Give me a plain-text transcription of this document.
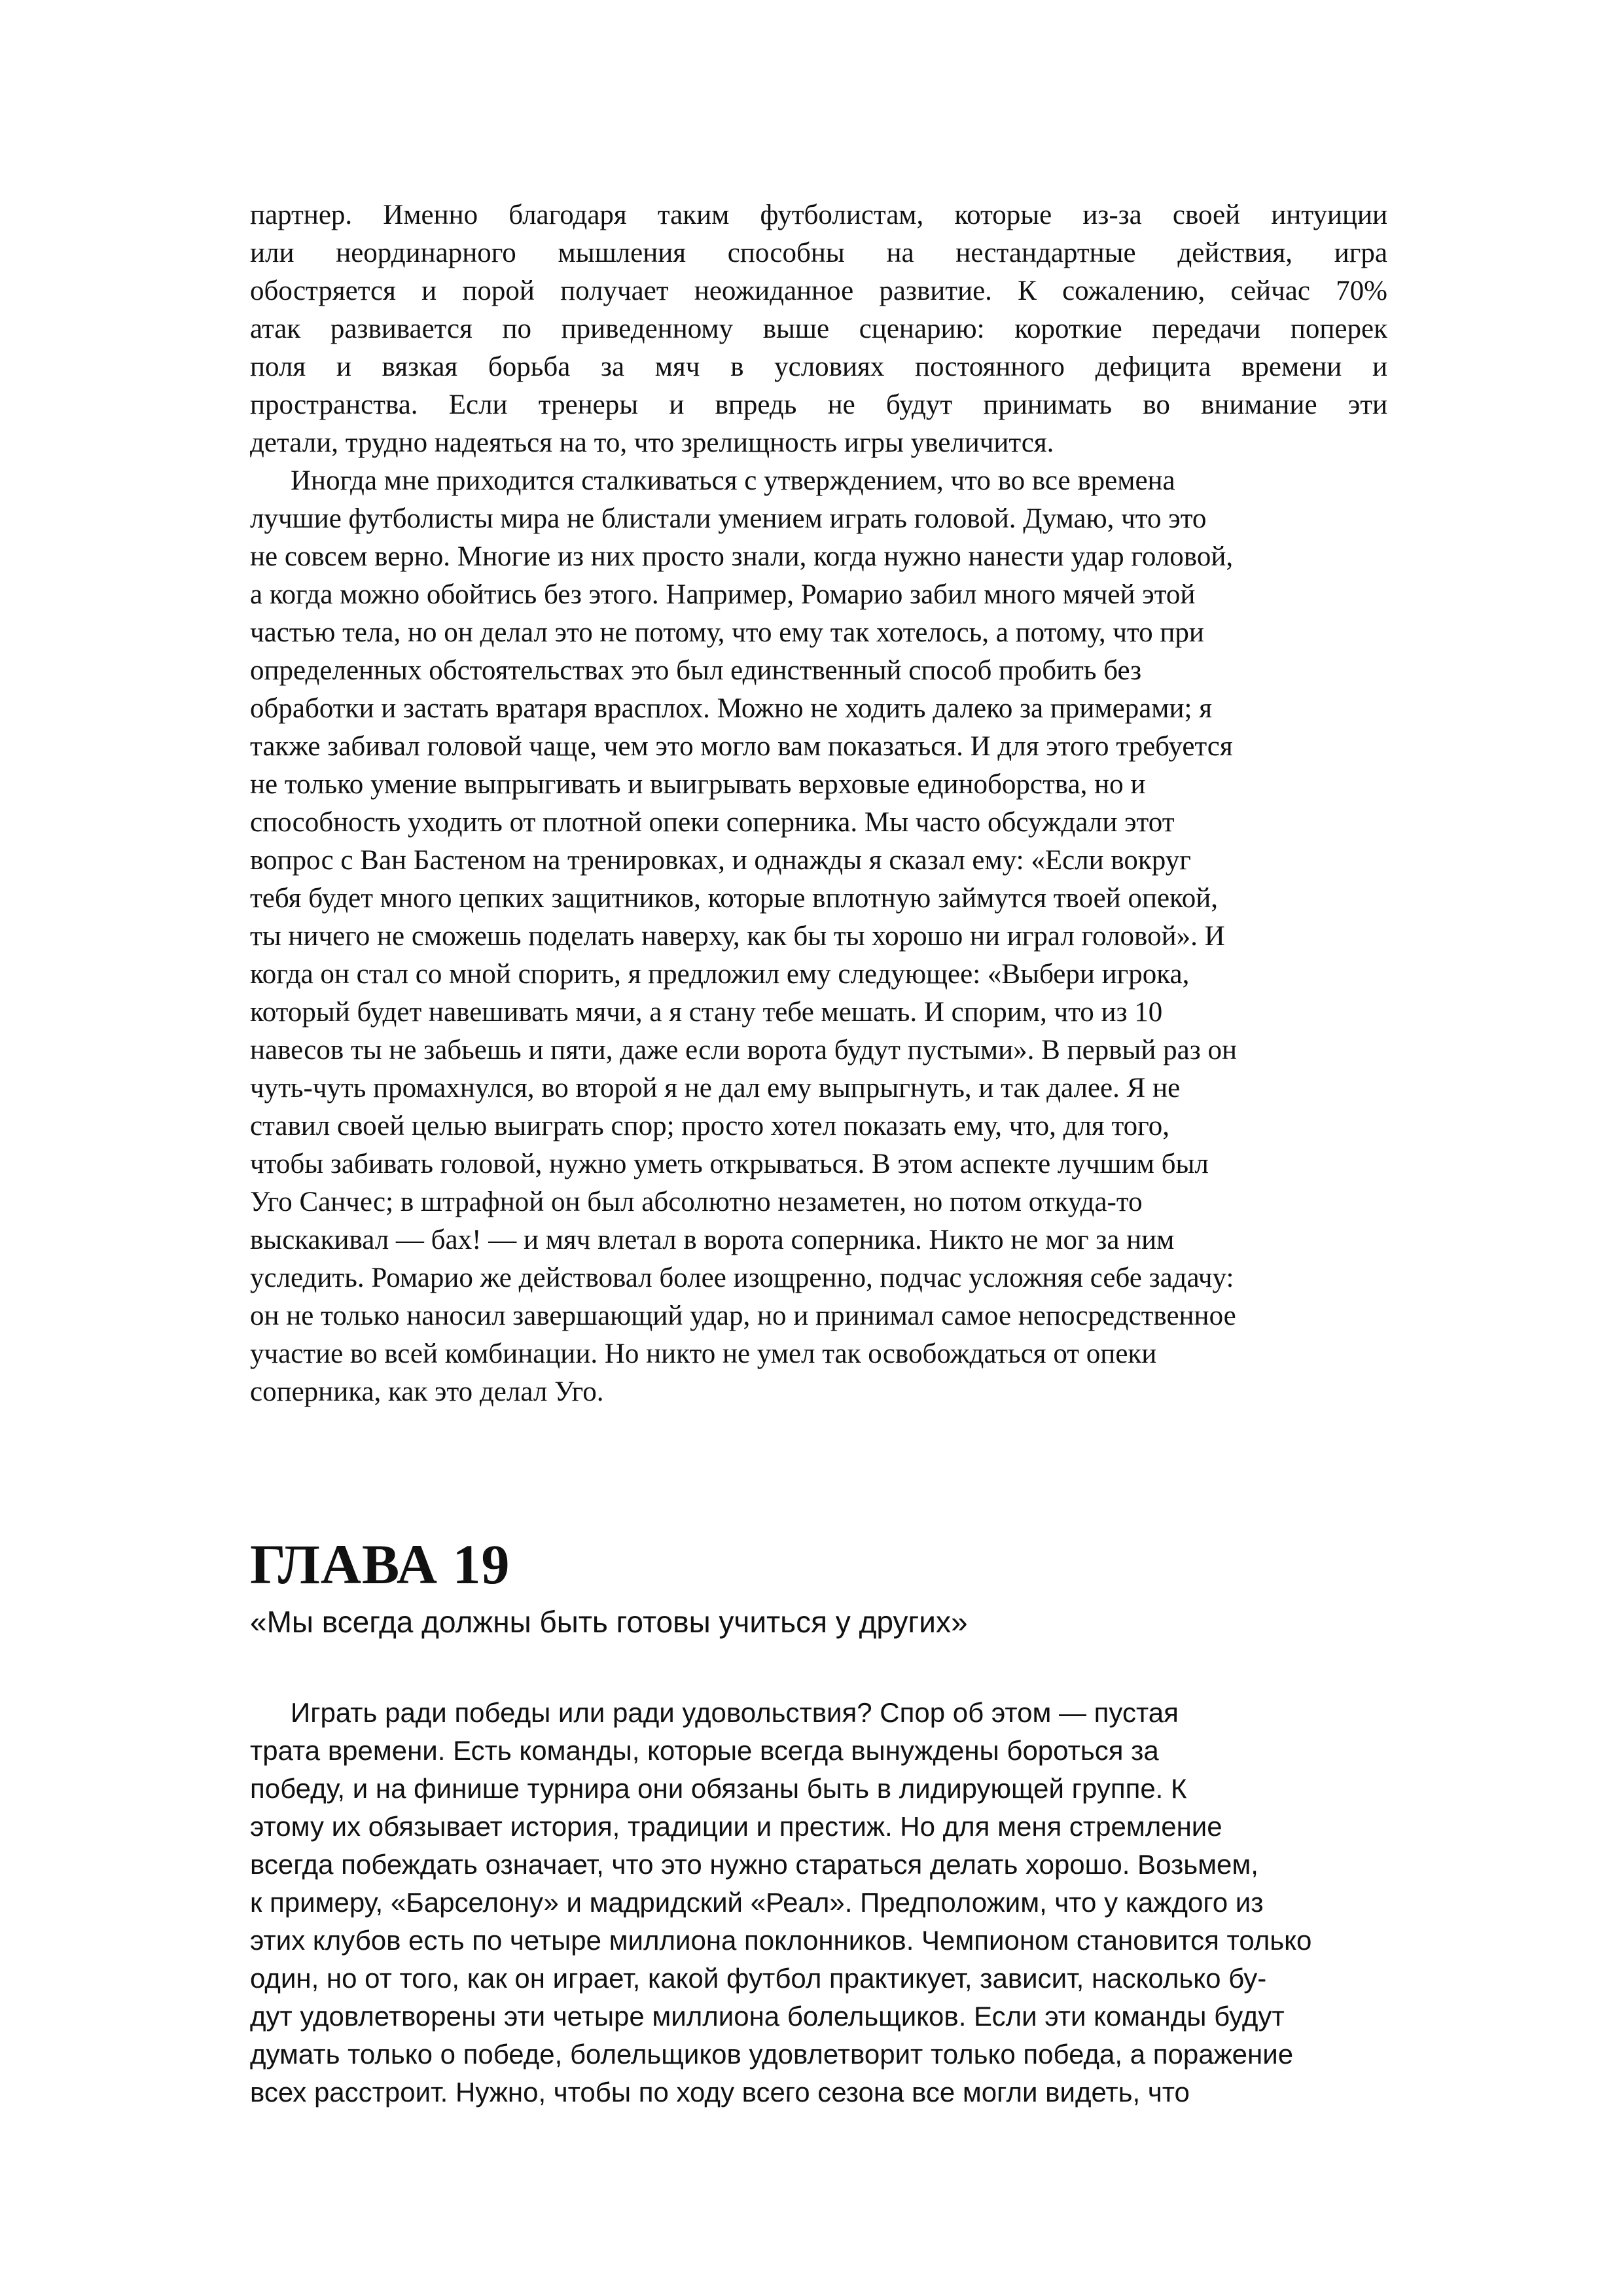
партнер. Именно благодаря таким футболистам, которые из-за своей интуиции
или неординарного мышления способны на нестандартные действия, игра
обостряется и порой получает неожиданное развитие. К сожалению, сейчас 70%
атак развивается по приведенному выше сценарию: короткие передачи поперек
поля и вязкая борьба за мяч в условиях постоянного дефицита времени и
пространства. Если тренеры и впредь не будут принимать во внимание эти
детали, трудно надеяться на то, что зрелищность игры увеличится.
Иногда мне приходится сталкиваться с утверждением, что во все времена
лучшие футболисты мира не блистали умением играть головой. Думаю, что это
не совсем верно. Многие из них просто знали, когда нужно нанести удар головой,
а когда можно обойтись без этого. Например, Ромарио забил много мячей этой
частью тела, но он делал это не потому, что ему так хотелось, а потому, что при
определенных обстоятельствах это был единственный способ пробить без
обработки и застать вратаря врасплох. Можно не ходить далеко за примерами; я
также забивал головой чаще, чем это могло вам показаться. И для этого требуется
не только умение выпрыгивать и выигрывать верховые единоборства, но и
способность уходить от плотной опеки соперника. Мы часто обсуждали этот
вопрос с Ван Бастеном на тренировках, и однажды я сказал ему: «Если вокруг
тебя будет много цепких защитников, которые вплотную займутся твоей опекой,
ты ничего не сможешь поделать наверху, как бы ты хорошо ни играл головой». И
когда он стал со мной спорить, я предложил ему следующее: «Выбери игрока,
который будет навешивать мячи, а я стану тебе мешать. И спорим, что из 10
навесов ты не забьешь и пяти, даже если ворота будут пустыми». В первый раз он
чуть-чуть промахнулся, во второй я не дал ему выпрыгнуть, и так далее. Я не
ставил своей целью выиграть спор; просто хотел показать ему, что, для того,
чтобы забивать головой, нужно уметь открываться. В этом аспекте лучшим был
Уго Санчес; в штрафной он был абсолютно незаметен, но потом откуда-то
выскакивал — бах! — и мяч влетал в ворота соперника. Никто не мог за ним
уследить. Ромарио же действовал более изощренно, подчас усложняя себе задачу:
он не только наносил завершающий удар, но и принимал самое непосредственное
участие во всей комбинации. Но никто не умел так освобождаться от опеки
соперника, как это делал Уго.
ГЛАВА 19
«Мы всегда должны быть готовы учиться у других»
Играть ради победы или ради удовольствия? Спор об этом — пустая
трата времени. Есть команды, которые всегда вынуждены бороться за
победу, и на финише турнира они обязаны быть в лидирующей группе. К
этому их обязывает история, традиции и престиж. Но для меня стремление
всегда побеждать означает, что это нужно стараться делать хорошо. Возьмем,
к примеру, «Барселону» и мадридский «Реал». Предположим, что у каждого из
этих клубов есть по четыре миллиона поклонников. Чемпионом становится только
один, но от того, как он играет, какой футбол практикует, зависит, насколько бу-
дут удовлетворены эти четыре миллиона болельщиков. Если эти команды будут
думать только о победе, болельщиков удовлетворит только победа, а поражение
всех расстроит. Нужно, чтобы по ходу всего сезона все могли видеть, что
